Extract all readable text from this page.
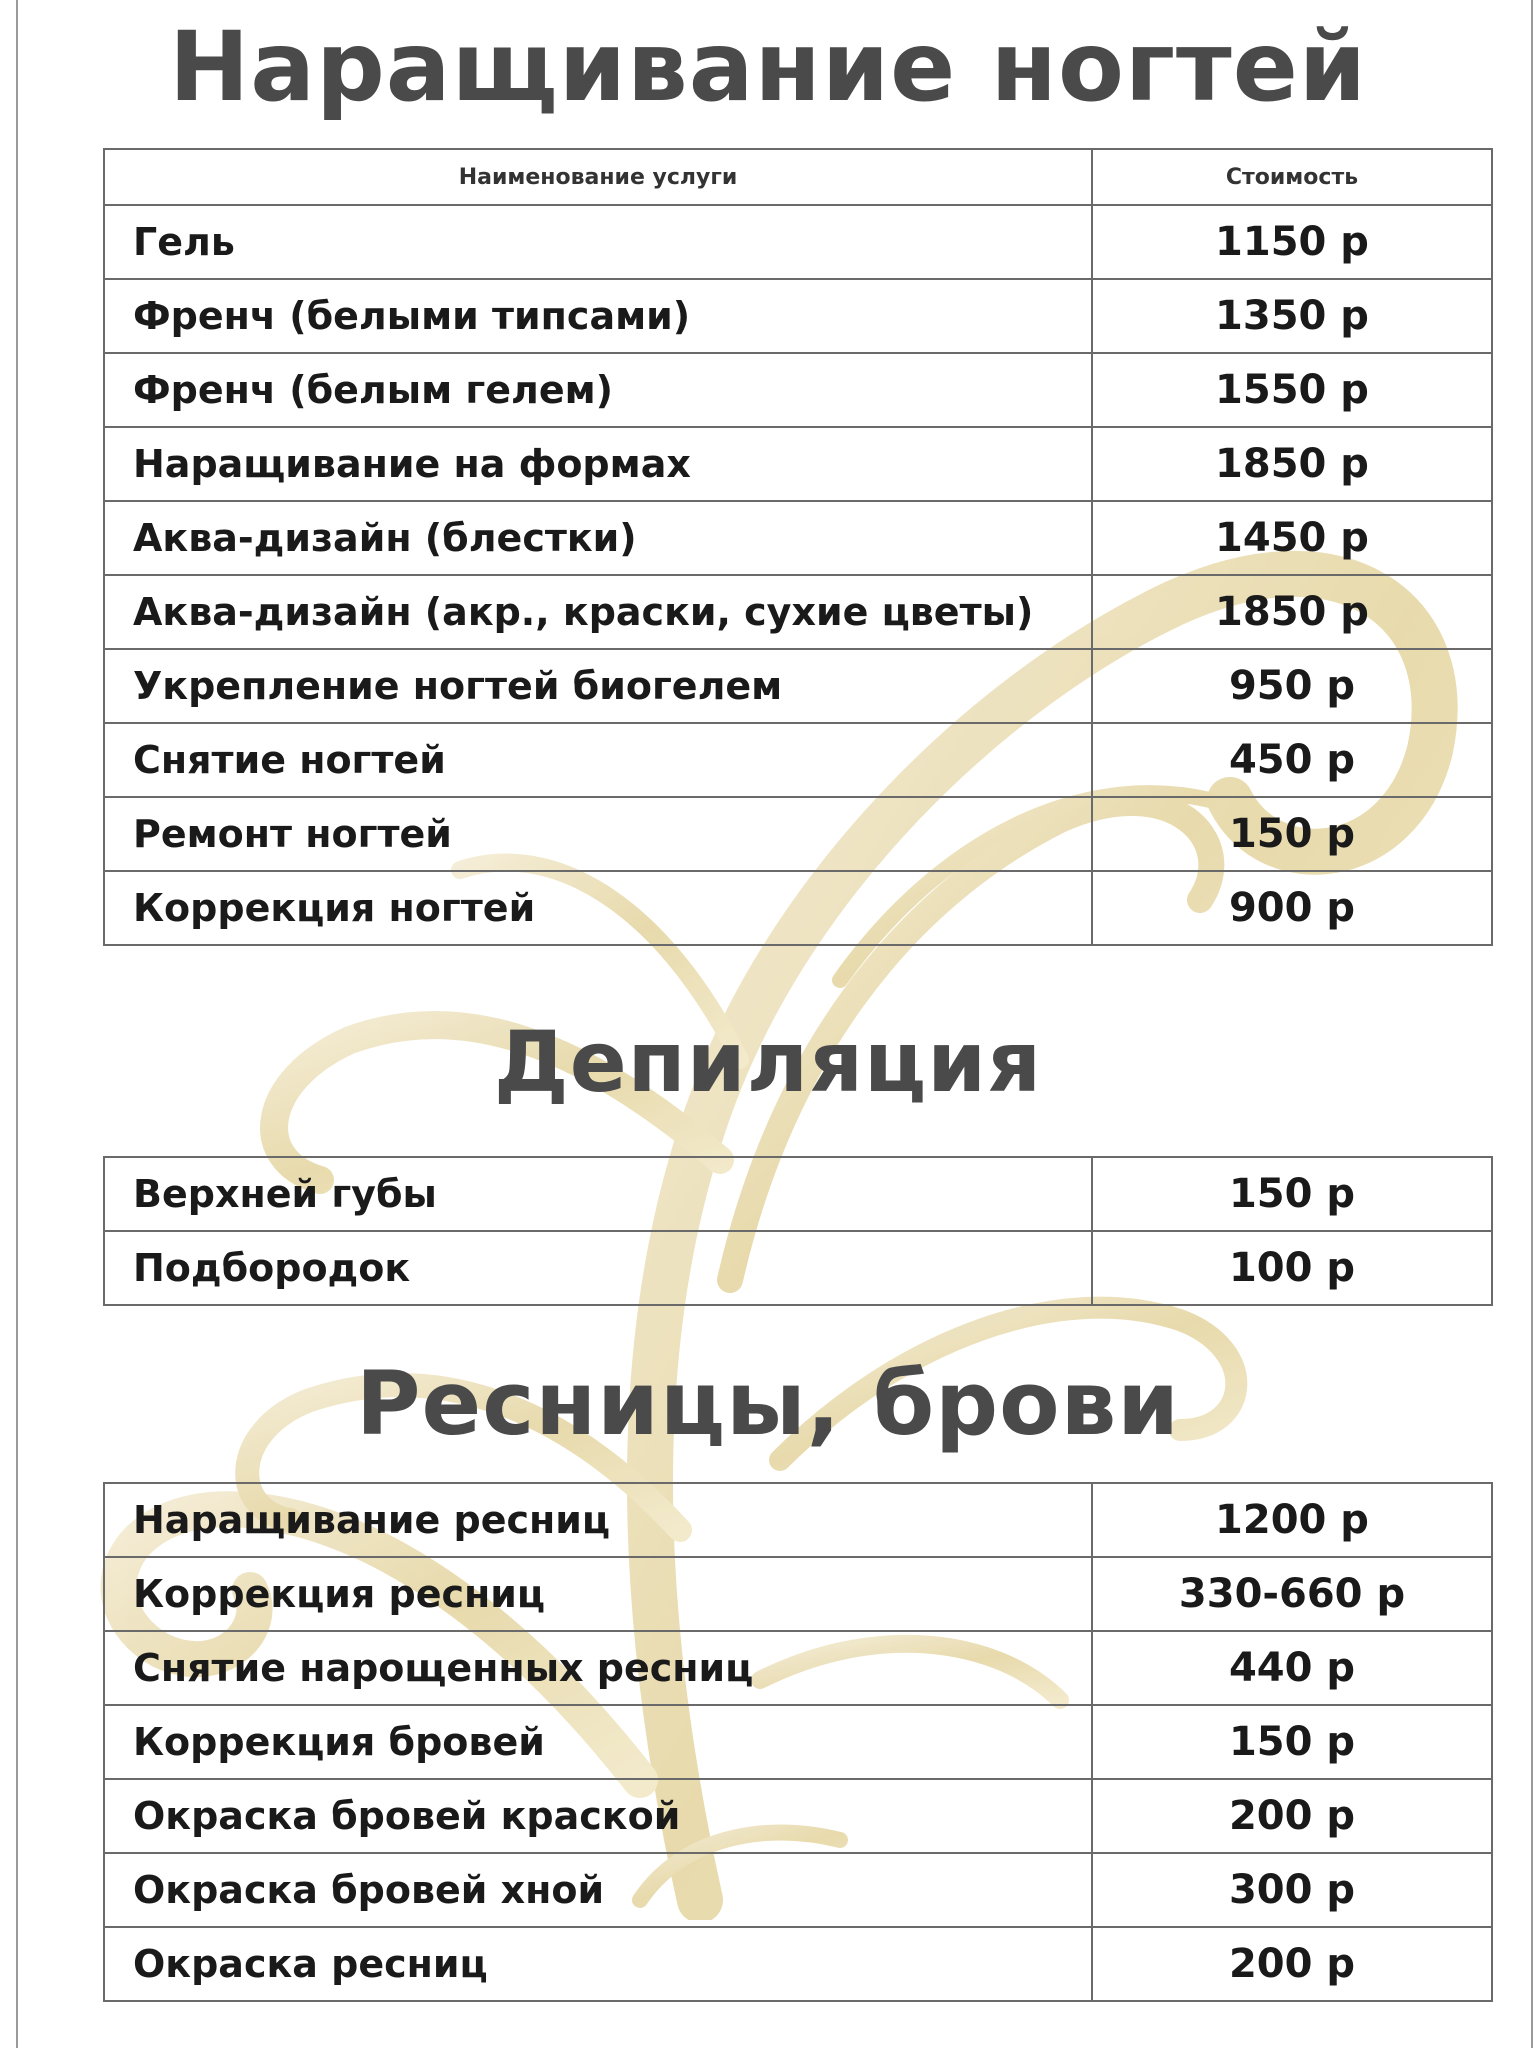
Наращивание ногтей
Наименование услуги	Стоимость
Гель	1150 р
Френч (белыми типсами)	1350 р
Френч (белым гелем)	1550 р
Наращивание на формах	1850 р
Аква-дизайн (блестки)	1450 р
Аква-дизайн (акр., краски, сухие цветы)	1850 р
Укрепление ногтей биогелем	950 р
Снятие ногтей	450 р
Ремонт ногтей	150 р
Коррекция ногтей	900 р
Депиляция
Верхней губы	150 р
Подбородок	100 р
Ресницы, брови
Наращивание ресниц	1200 р
Коррекция ресниц	330-660 р
Снятие нарощенных ресниц	440 р
Коррекция бровей	150 р
Окраска бровей краской	200 р
Окраска бровей хной	300 р
Окраска ресниц	200 р
